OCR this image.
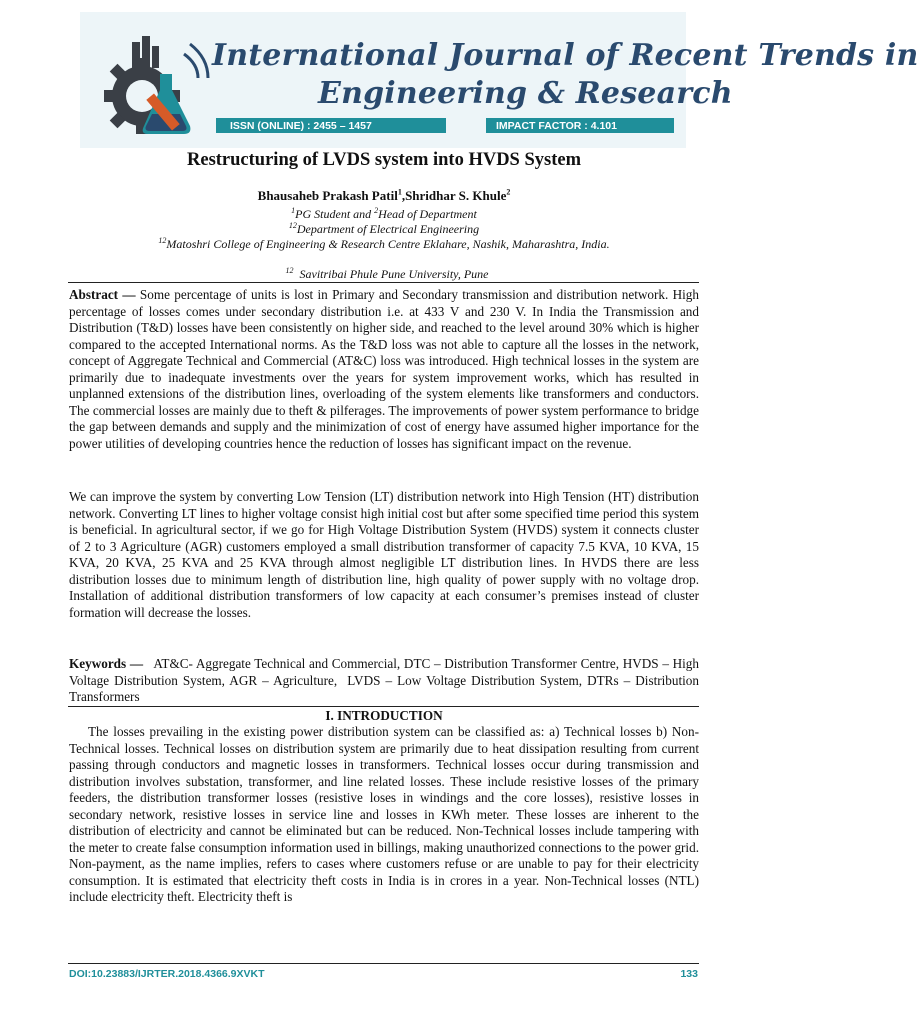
International Journal of Recent Trends in
Engineering & Research
ISSN (ONLINE) : 2455 – 1457	IMPACT FACTOR : 4.101
Restructuring of LVDS system into HVDS System
Bhausaheb Prakash Patil$^1$,Shridhar S. Khule$^2$
$^1$PG Student and $^2$Head of Department
$^{12}$Department of Electrical Engineering
$^{12}$Matoshri College of Engineering & Research Centre Eklahare, Nashik, Maharashtra, India.

$^{12}$  Savitribai Phule Pune University, Pune

Abstract — Some percentage of units is lost in Primary and Secondary transmission and distribution network. High percentage of losses comes under secondary distribution i.e. at 433 V and 230 V. In India the Transmission and Distribution (T&D) losses have been consistently on higher side, and reached to the level around 30% which is higher compared to the accepted International norms. As the T&D loss was not able to capture all the losses in the network, concept of Aggregate Technical and Commercial (AT&C) loss was introduced. High technical losses in the system are primarily due to inadequate investments over the years for system improvement works, which has resulted in unplanned extensions of the distribution lines, overloading of the system elements like transformers and conductors. The commercial losses are mainly due to theft & pilferages. The improvements of power system performance to bridge the gap between demands and supply and the minimization of cost of energy have assumed higher importance for the power utilities of developing countries hence the reduction of losses has significant impact on the revenue.

We can improve the system by converting Low Tension (LT) distribution network into High Tension (HT) distribution network. Converting LT lines to higher voltage consist high initial cost but after some specified time period this system is beneficial. In agricultural sector, if we go for High Voltage Distribution System (HVDS) system it connects cluster of 2 to 3 Agriculture (AGR) customers employed a small distribution transformer of capacity 7.5 KVA, 10 KVA, 15 KVA, 20 KVA, 25 KVA and 25 KVA through almost negligible LT distribution lines. In HVDS there are less distribution losses due to minimum length of distribution line, high quality of power supply with no voltage drop. Installation of additional distribution transformers of low capacity at each consumer’s premises instead of cluster formation will decrease the losses.

Keywords —   AT&C- Aggregate Technical and Commercial, DTC – Distribution Transformer Centre, HVDS – High Voltage Distribution System, AGR – Agriculture,  LVDS – Low Voltage Distribution System, DTRs – Distribution Transformers

I. INTRODUCTION

The losses prevailing in the existing power distribution system can be classified as: a) Technical losses b) Non-Technical losses. Technical losses on distribution system are primarily due to heat dissipation resulting from current passing through conductors and magnetic losses in transformers. Technical losses occur during transmission and distribution involves substation, transformer, and line related losses. These include resistive losses of the primary feeders, the distribution transformer losses (resistive loses in windings and the core losses), resistive losses in secondary network, resistive losses in service line and losses in KWh meter. These losses are inherent to the distribution of electricity and cannot be eliminated but can be reduced. Non-Technical losses include tampering with the meter to create false consumption information used in billings, making unauthorized connections to the power grid. Non-payment, as the name implies, refers to cases where customers refuse or are unable to pay for their electricity consumption. It is estimated that electricity theft costs in India is in crores in a year. Non-Technical losses (NTL) include electricity theft. Electricity theft is

DOI:10.23883/IJRTER.2018.4366.9XVKT	133
